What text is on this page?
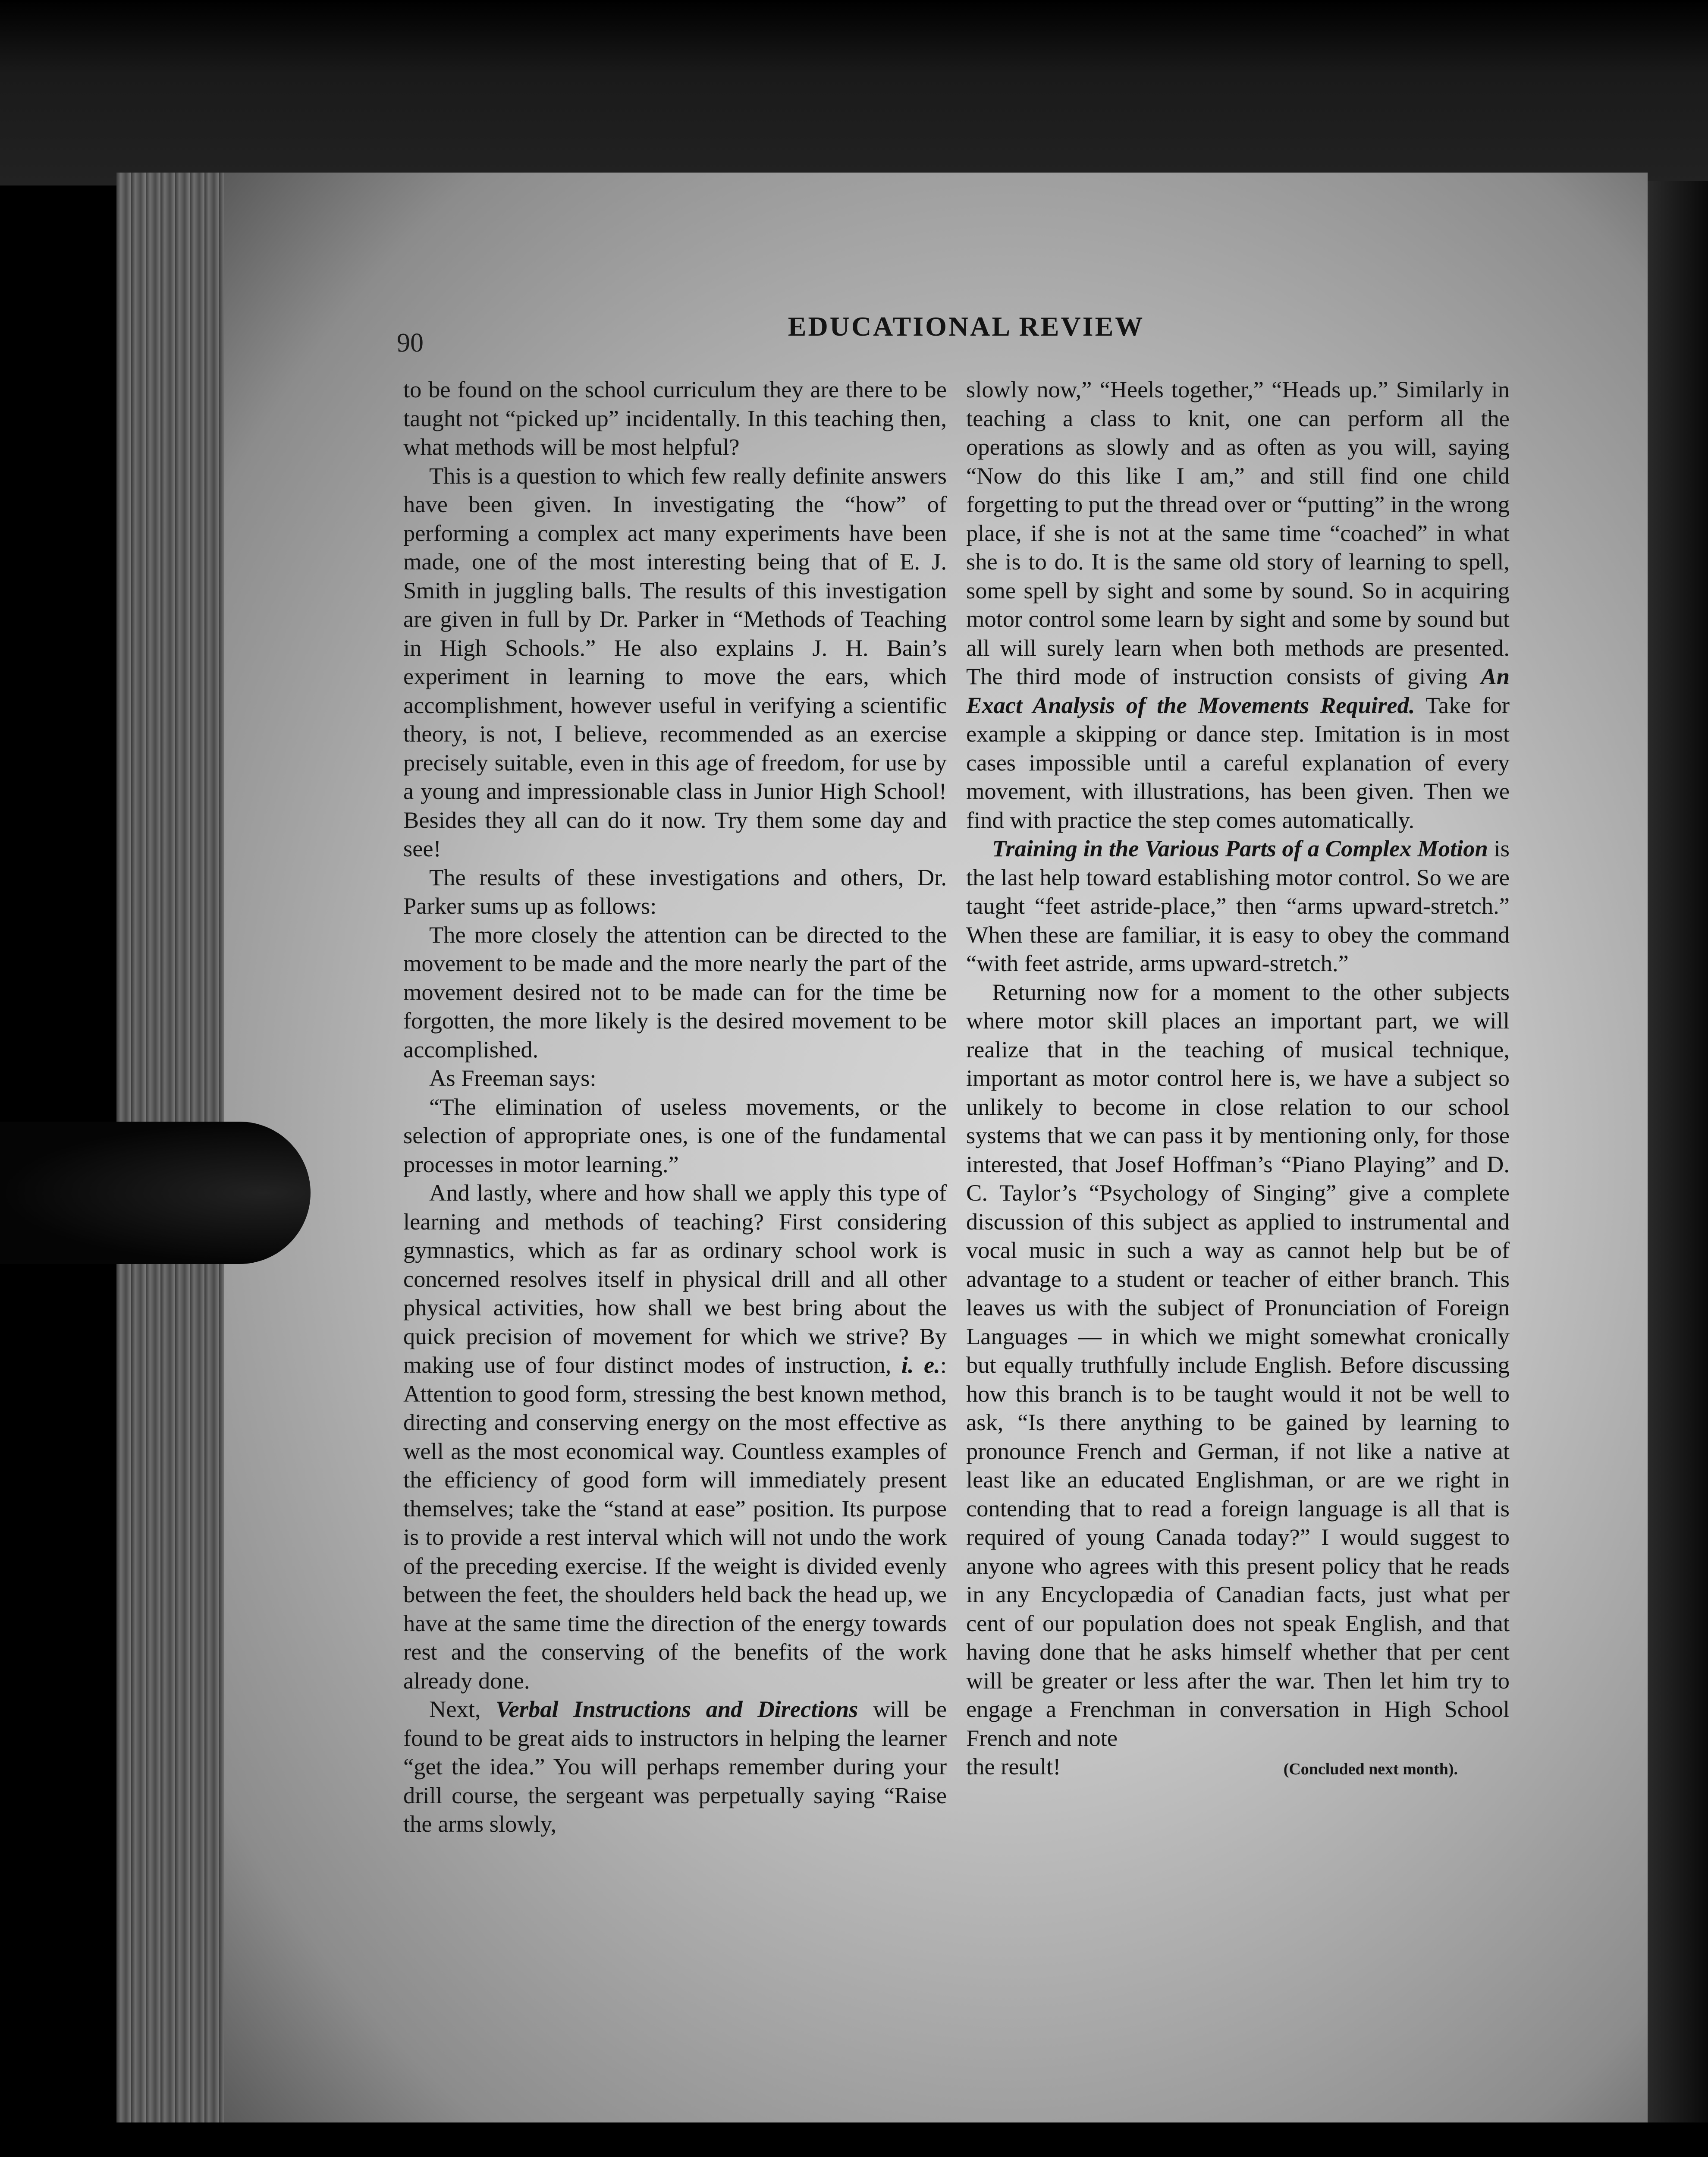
90
EDUCATIONAL REVIEW

to be found on the school curriculum they are there to be taught not “picked up” incidentally. In this teaching then, what methods will be most helpful?

This is a question to which few really definite answers have been given. In investigating the “how” of performing a complex act many experiments have been made, one of the most interesting being that of E. J. Smith in juggling balls. The results of this investigation are given in full by Dr. Parker in “Methods of Teaching in High Schools.” He also explains J. H. Bain’s experiment in learning to move the ears, which accomplishment, however useful in verifying a scientific theory, is not, I believe, recommended as an exercise precisely suitable, even in this age of freedom, for use by a young and impressionable class in Junior High School! Besides they all can do it now. Try them some day and see!

The results of these investigations and others, Dr. Parker sums up as follows:

The more closely the attention can be directed to the movement to be made and the more nearly the part of the movement desired not to be made can for the time be forgotten, the more likely is the desired movement to be accomplished.

As Freeman says:

“The elimination of useless movements, or the selection of appropriate ones, is one of the fundamental processes in motor learning.”

And lastly, where and how shall we apply this type of learning and methods of teaching? First considering gymnastics, which as far as ordinary school work is concerned resolves itself in physical drill and all other physical activities, how shall we best bring about the quick precision of movement for which we strive? By making use of four distinct modes of instruction, i. e.: Attention to good form, stressing the best known method, directing and conserving energy on the most effective as well as the most economical way. Countless examples of the efficiency of good form will immediately present themselves; take the “stand at ease” position. Its purpose is to provide a rest interval which will not undo the work of the preceding exercise. If the weight is divided evenly between the feet, the shoulders held back the head up, we have at the same time the direction of the energy towards rest and the conserving of the benefits of the work already done.

Next, Verbal Instructions and Directions will be found to be great aids to instructors in helping the learner “get the idea.” You will perhaps remember during your drill course, the sergeant was perpetually saying “Raise the arms slowly,

slowly now,” “Heels together,” “Heads up.” Similarly in teaching a class to knit, one can perform all the operations as slowly and as often as you will, saying “Now do this like I am,” and still find one child forgetting to put the thread over or “putting” in the wrong place, if she is not at the same time “coached” in what she is to do. It is the same old story of learning to spell, some spell by sight and some by sound. So in acquiring motor control some learn by sight and some by sound but all will surely learn when both methods are presented. The third mode of instruction consists of giving An Exact Analysis of the Movements Required. Take for example a skipping or dance step. Imitation is in most cases impossible until a careful explanation of every movement, with illustrations, has been given. Then we find with practice the step comes automatically.

Training in the Various Parts of a Complex Motion is the last help toward establishing motor control. So we are taught “feet astride-place,” then “arms upward-stretch.” When these are familiar, it is easy to obey the command “with feet astride, arms upward-stretch.”

Returning now for a moment to the other subjects where motor skill places an important part, we will realize that in the teaching of musical technique, important as motor control here is, we have a subject so unlikely to become in close relation to our school systems that we can pass it by mentioning only, for those interested, that Josef Hoffman’s “Piano Playing” and D. C. Taylor’s “Psychology of Singing” give a complete discussion of this subject as applied to instrumental and vocal music in such a way as cannot help but be of advantage to a student or teacher of either branch. This leaves us with the subject of Pronunciation of Foreign Languages — in which we might somewhat cronically but equally truthfully include English. Before discussing how this branch is to be taught would it not be well to ask, “Is there anything to be gained by learning to pronounce French and German, if not like a native at least like an educated Englishman, or are we right in contending that to read a foreign language is all that is required of young Canada today?” I would suggest to anyone who agrees with this present policy that he reads in any Encyclopædia of Canadian facts, just what per cent of our population does not speak English, and that having done that he asks himself whether that per cent will be greater or less after the war. Then let him try to engage a Frenchman in conversation in High School French and note

the result!	(Concluded next month).
